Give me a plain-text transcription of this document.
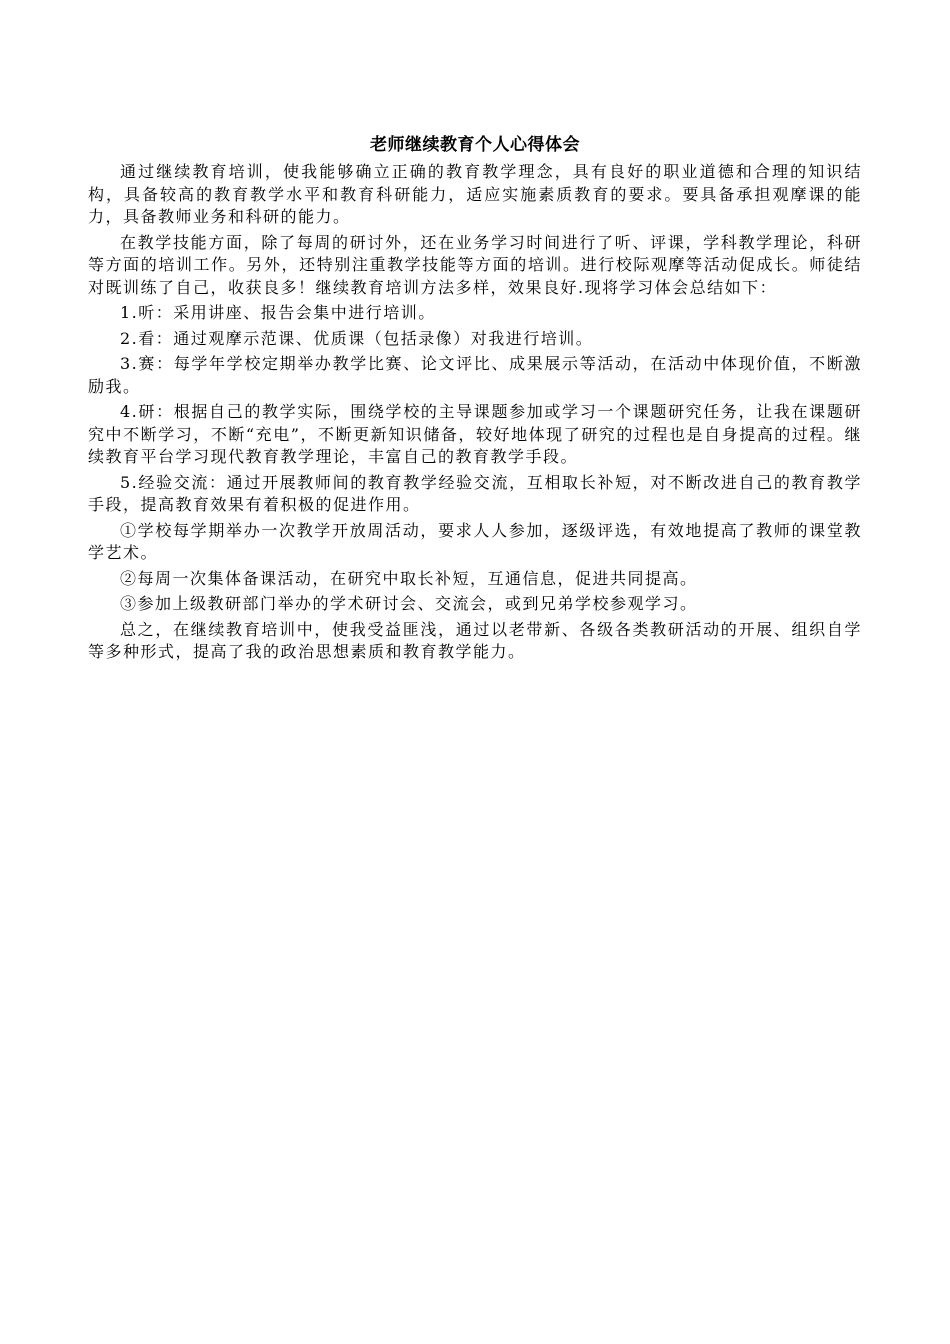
老师继续教育个人心得体会

通过继续教育培训，使我能够确立正确的教育教学理念，具有良好的职业道德和合理的知识结构，具备较高的教育教学水平和教育科研能力，适应实施素质教育的要求。要具备承担观摩课的能力，具备教师业务和科研的能力。

在教学技能方面，除了每周的研讨外，还在业务学习时间进行了听、评课，学科教学理论，科研等方面的培训工作。另外，还特别注重教学技能等方面的培训。进行校际观摩等活动促成长。师徒结对既训练了自己，收获良多！继续教育培训方法多样，效果良好.现将学习体会总结如下：

1.听：采用讲座、报告会集中进行培训。

2.看：通过观摩示范课、优质课（包括录像）对我进行培训。

3.赛：每学年学校定期举办教学比赛、论文评比、成果展示等活动，在活动中体现价值，不断激励我。

4.研：根据自己的教学实际，围绕学校的主导课题参加或学习一个课题研究任务，让我在课题研究中不断学习，不断“充电”，不断更新知识储备，较好地体现了研究的过程也是自身提高的过程。继续教育平台学习现代教育教学理论，丰富自己的教育教学手段。

5.经验交流：通过开展教师间的教育教学经验交流，互相取长补短，对不断改进自己的教育教学手段，提高教育效果有着积极的促进作用。

①学校每学期举办一次教学开放周活动，要求人人参加，逐级评选，有效地提高了教师的课堂教学艺术。

②每周一次集体备课活动，在研究中取长补短，互通信息，促进共同提高。

③参加上级教研部门举办的学术研讨会、交流会，或到兄弟学校参观学习。

总之，在继续教育培训中，使我受益匪浅，通过以老带新、各级各类教研活动的开展、组织自学等多种形式，提高了我的政治思想素质和教育教学能力。
